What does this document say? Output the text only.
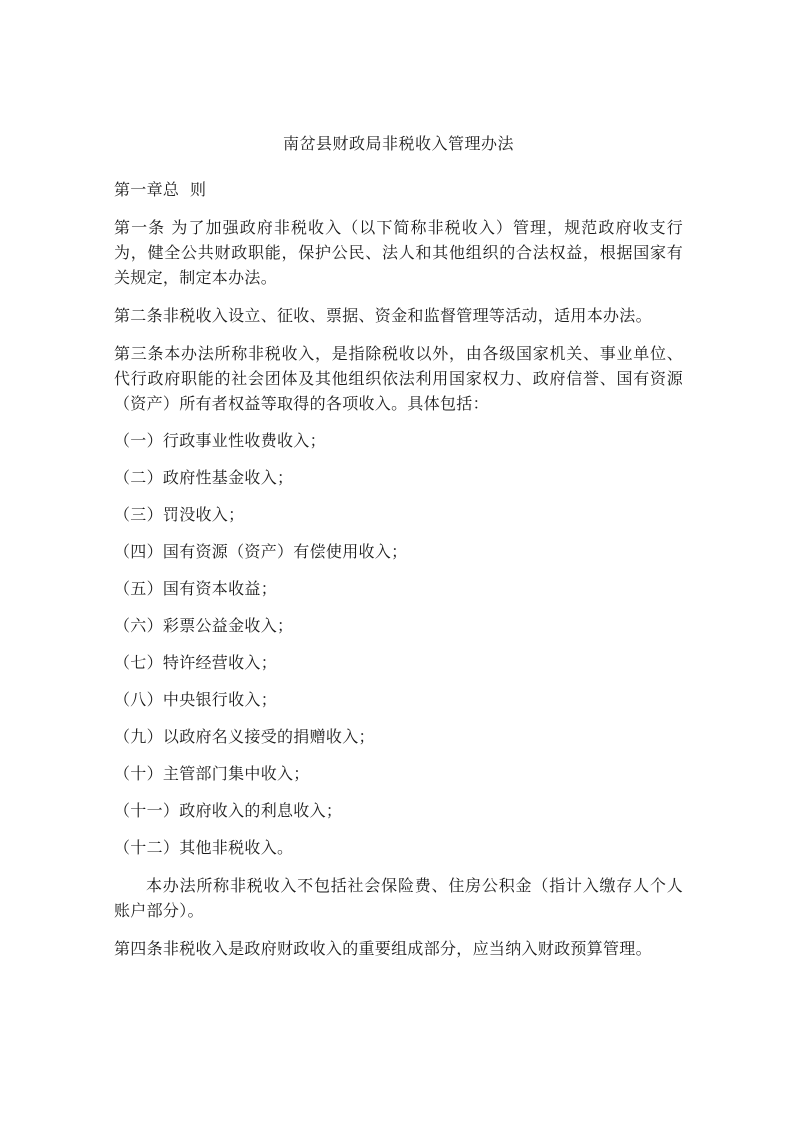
南岔县财政局非税收入管理办法
第一章总  则
第一条 为了加强政府非税收入（以下简称非税收入）管理，规范政府收支行为，健全公共财政职能，保护公民、法人和其他组织的合法权益，根据国家有关规定，制定本办法。
第二条非税收入设立、征收、票据、资金和监督管理等活动，适用本办法。
第三条本办法所称非税收入，是指除税收以外，由各级国家机关、事业单位、代行政府职能的社会团体及其他组织依法利用国家权力、政府信誉、国有资源（资产）所有者权益等取得的各项收入。具体包括：
（一）行政事业性收费收入；
（二）政府性基金收入；
（三）罚没收入；
（四）国有资源（资产）有偿使用收入；
（五）国有资本收益；
（六）彩票公益金收入；
（七）特许经营收入；
（八）中央银行收入；
（九）以政府名义接受的捐赠收入；
（十）主管部门集中收入；
（十一）政府收入的利息收入；
（十二）其他非税收入。
本办法所称非税收入不包括社会保险费、住房公积金（指计入缴存人个人账户部分）。
第四条非税收入是政府财政收入的重要组成部分，应当纳入财政预算管理。
